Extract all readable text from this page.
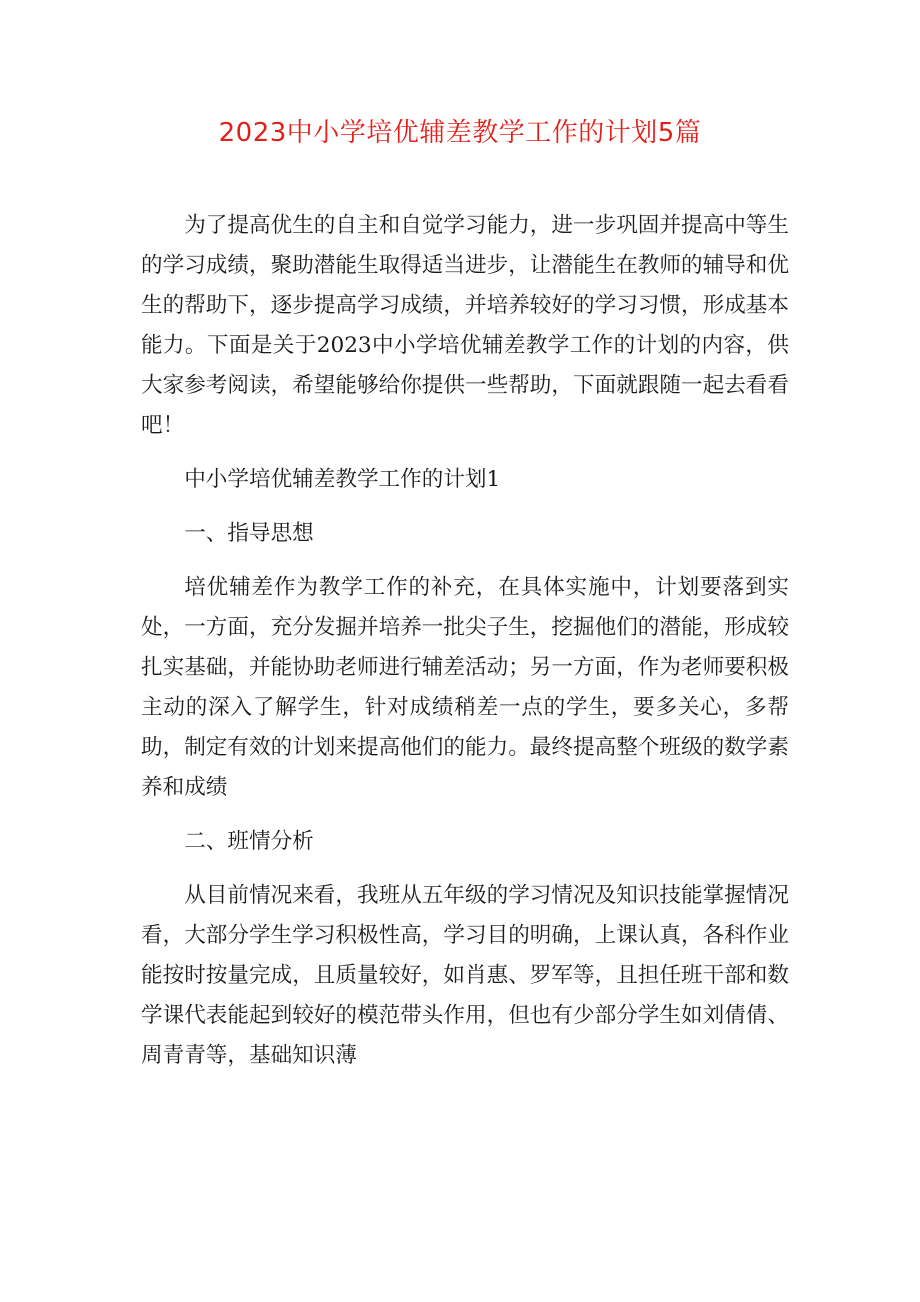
2023中小学培优辅差教学工作的计划5篇

为了提高优生的自主和自觉学习能力，进一步巩固并提高中等生的学习成绩，聚助潜能生取得适当进步，让潜能生在教师的辅导和优生的帮助下，逐步提高学习成绩，并培养较好的学习习惯，形成基本能力。下面是关于2023中小学培优辅差教学工作的计划的内容，供大家参考阅读，希望能够给你提供一些帮助，下面就跟随一起去看看吧！

中小学培优辅差教学工作的计划1

一、指导思想

培优辅差作为教学工作的补充，在具体实施中，计划要落到实处，一方面，充分发掘并培养一批尖子生，挖掘他们的潜能，形成较扎实基础，并能协助老师进行辅差活动；另一方面，作为老师要积极主动的深入了解学生，针对成绩稍差一点的学生，要多关心，多帮助，制定有效的计划来提高他们的能力。最终提高整个班级的数学素养和成绩

二、班情分析

从目前情况来看，我班从五年级的学习情况及知识技能掌握情况看，大部分学生学习积极性高，学习目的明确，上课认真，各科作业能按时按量完成，且质量较好，如肖惠、罗军等，且担任班干部和数学课代表能起到较好的模范带头作用，但也有少部分学生如刘倩倩、周青青等，基础知识薄
